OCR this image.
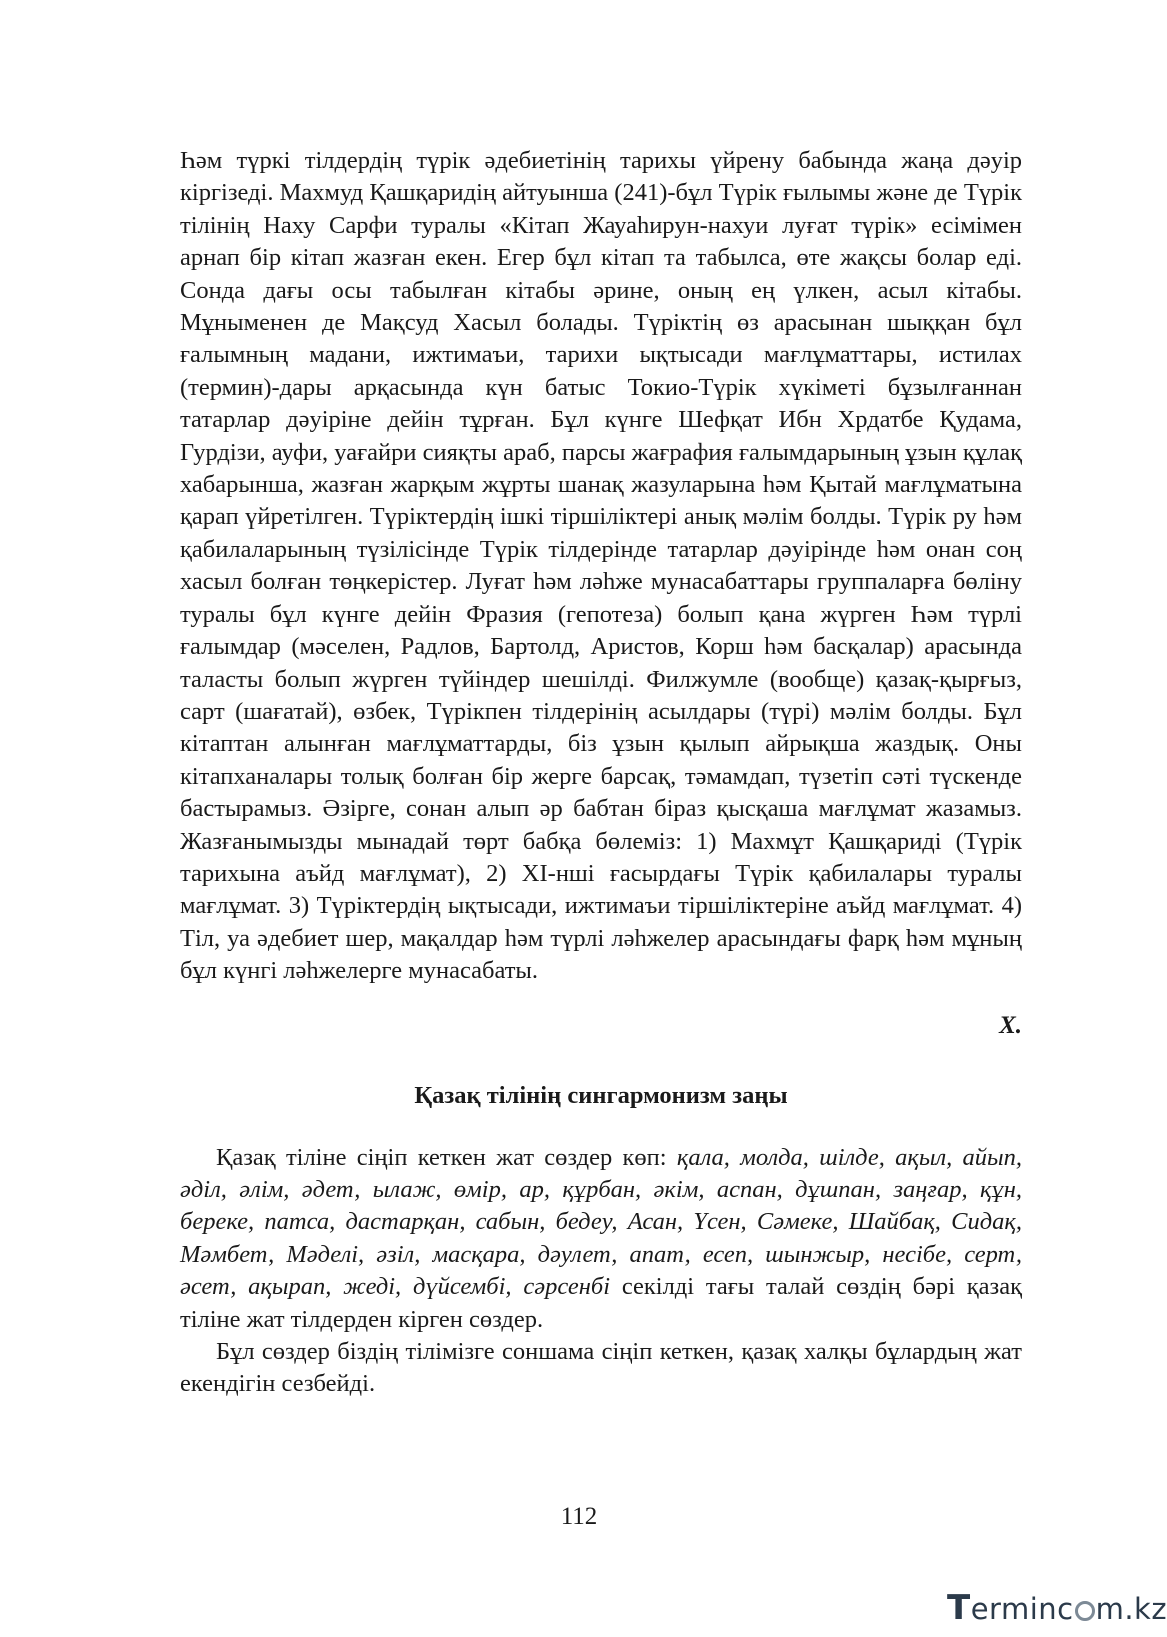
Һәм түркі тілдердің түрік әдебиетінің тарихы үйрену бабында жаңа дәуір кіргізеді. Махмуд Қашқаридің айтуынша (241)-бұл Түрік ғылымы және де Түрік тілінің Наху Сарфи туралы «Кітап Жауаһирун-нахуи луғат түрік» есімімен арнап бір кітап жазған екен. Егер бұл кітап та табылса, өте жақсы болар еді. Сонда дағы осы табылған кітабы әрине, оның ең үлкен, асыл кітабы. Мұныменен де Мақсуд Хасыл болады. Түріктің өз арасынан шыққан бұл ғалымның мадани, ижтимаъи, тарихи ықтысади мағлұматтары, истилах (термин)-дары арқасында күн батыс Токио-Түрік хүкіметі бұзылғаннан татарлар дәуіріне дейін тұрған. Бұл күнге Шефқат Ибн Хрдатбе Қудама, Гурдізи, ауфи, уағайри сияқты араб, парсы жағрафия ғалымдарының ұзын құлақ хабарынша, жазған жарқым жұрты шанақ жазуларына һәм Қытай мағлұматына қарап үйретілген. Түріктердің ішкі тіршіліктері анық мәлім болды. Түрік ру һәм қабилаларының түзілісінде Түрік тілдерінде татарлар дәуірінде һәм онан соң хасыл болған төңкерістер. Луғат һәм ләһже мунасабаттары группаларға бөліну туралы бұл күнге дейін Фразия (гепотеза) болып қана жүрген Һәм түрлі ғалымдар (мәселен, Радлов, Бартолд, Аристов, Корш һәм басқалар) арасында таласты болып жүрген түйіндер шешілді. Филжумле (вообще) қазақ-қырғыз, сарт (шағатай), өзбек, Түрікпен тілдерінің асылдары (түрі) мәлім болды. Бұл кітаптан алынған мағлұматтарды, біз ұзын қылып айрықша жаздық. Оны кітапханалары толық болған бір жерге барсақ, тәмамдап, түзетіп сәті түскенде бастырамыз. Әзірге, сонан алып әр бабтан біраз қысқаша мағлұмат жазамыз. Жазғанымызды мынадай төрт бабқа бөлеміз: 1) Махмұт Қашқариді (Түрік тарихына аъйд мағлұмат), 2) XI-нші ғасырдағы Түрік қабилалары туралы мағлұмат. 3) Түріктердің ықтысади, ижтимаъи тіршіліктеріне аъйд мағлұмат. 4) Тіл, уа әдебиет шер, мақалдар һәм түрлі ләһжелер арасындағы фарқ һәм мұның бұл күнгі ләһжелерге мунасабаты.

X.
Қазақ тілінің сингармонизм заңы

Қазақ тіліне сіңіп кеткен жат сөздер көп: қала, молда, шілде, ақыл, айып, әділ, әлім, әдет, ылаж, өмір, ар, құрбан, әкім, аспан, дұшпан, заңғар, құн, береке, патса, дастарқан, сабын, бедеу, Асан, Үсен, Сәмеке, Шайбақ, Сидақ, Мәмбет, Мәделі, әзіл, масқара, дәулет, апат, есеп, шынжыр, несібе, серт, әсет, ақырап, жеді, дүйсембі, сәрсенбі секілді тағы талай сөздің бәрі қазақ тіліне жат тілдерден кірген сөздер.

Бұл сөздер біздің тілімізге соншама сіңіп кеткен, қазақ халқы бұлардың жат екендігін сезбейді.

112
Terminc m.kz
